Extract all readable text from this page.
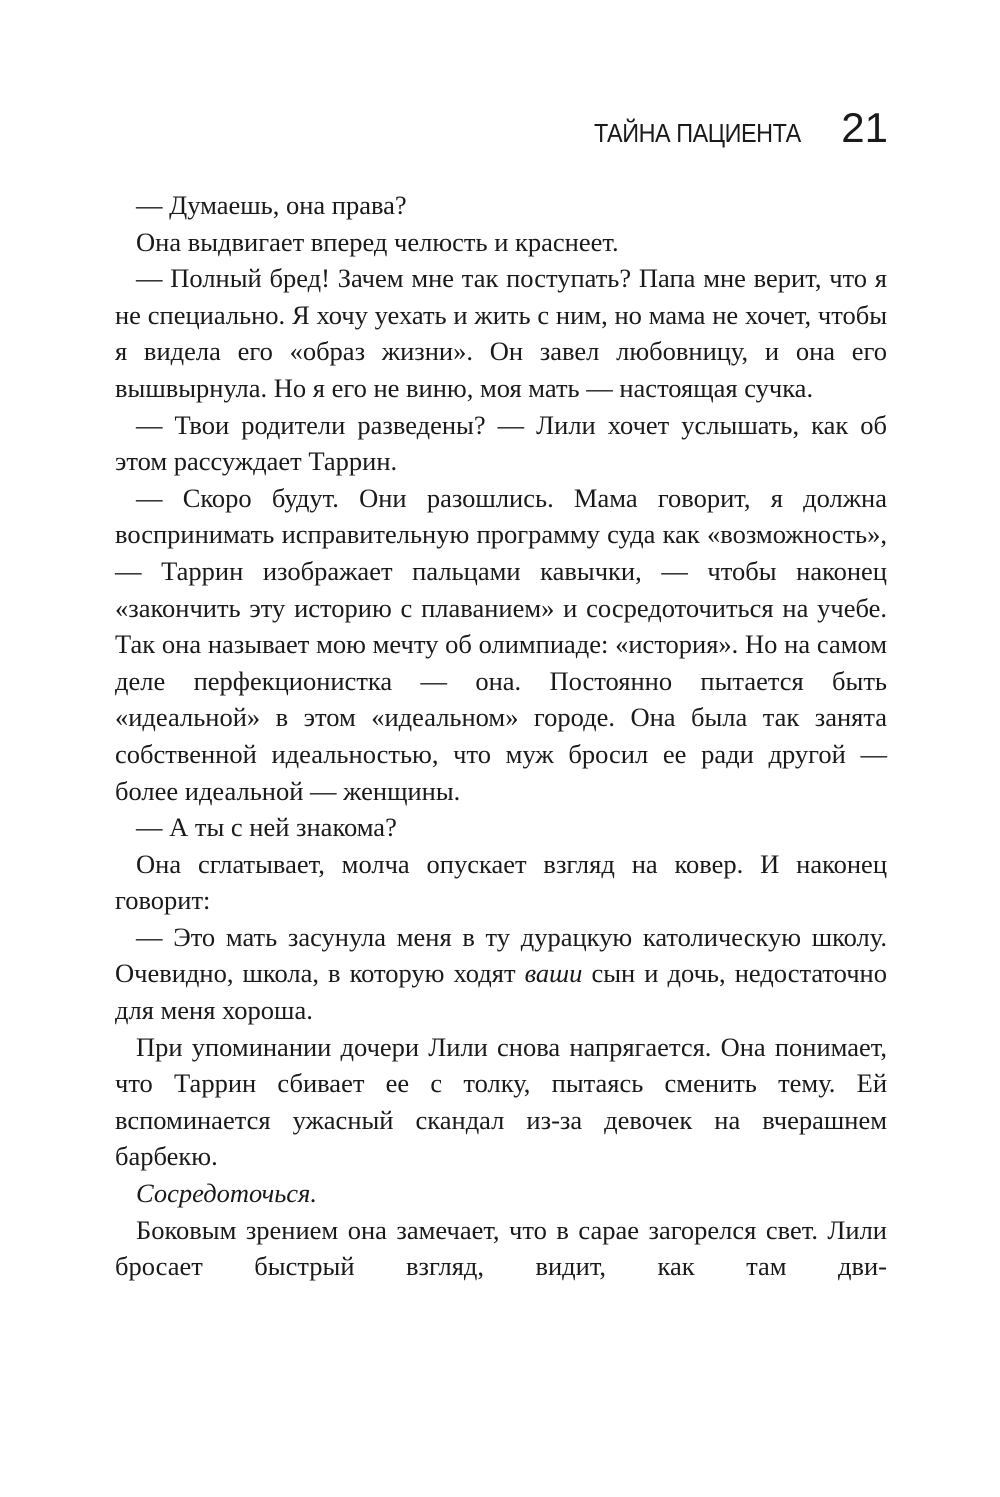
ТАЙНА ПАЦИЕНТА 21

— Думаешь, она права?

Она выдвигает вперед челюсть и краснеет.

— Полный бред! Зачем мне так поступать? Папа мне верит, что я не специально. Я хочу уехать и жить с ним, но мама не хочет, чтобы я видела его «образ жизни». Он завел любовницу, и она его вышвырнула. Но я его не виню, моя мать — настоящая сучка.

— Твои родители разведены? — Лили хочет услышать, как об этом рассуждает Таррин.

— Скоро будут. Они разошлись. Мама говорит, я должна воспринимать исправительную программу суда как «возможность», — Таррин изображает пальцами кавычки, — чтобы наконец «закончить эту историю с плаванием» и сосредоточиться на учебе. Так она называет мою мечту об олимпиаде: «история». Но на самом деле перфекционистка — она. Постоянно пытается быть «идеальной» в этом «идеальном» городе. Она была так занята собственной идеальностью, что муж бросил ее ради другой — более идеальной — женщины.

— А ты с ней знакома?

Она сглатывает, молча опускает взгляд на ковер. И наконец говорит:

— Это мать засунула меня в ту дурацкую католическую школу. Очевидно, школа, в которую ходят ваши сын и дочь, недостаточно для меня хороша.

При упоминании дочери Лили снова напрягается. Она понимает, что Таррин сбивает ее с толку, пытаясь сменить тему. Ей вспоминается ужасный скандал из-за девочек на вчерашнем барбекю.

Сосредоточься.

Боковым зрением она замечает, что в сарае загорелся свет. Лили бросает быстрый взгляд, видит, как там дви-
